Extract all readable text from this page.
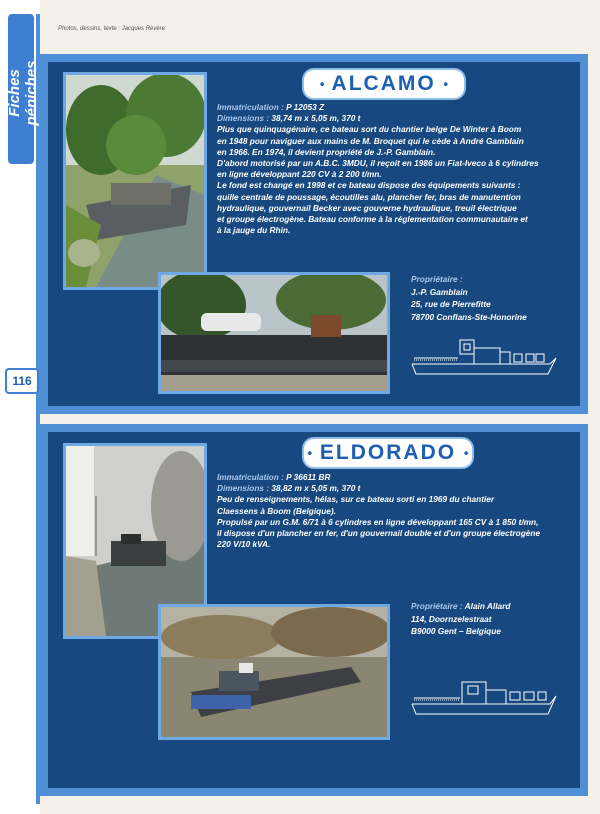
Photos, dessins, texte : Jacques Rèvère
Fiches péniches
116
• ALCAMO •
Immatriculation : P 12053 Z
Dimensions : 38,74 m x 5,05 m, 370 t
Plus que quinquagénaire, ce bateau sort du chantier belge De Winter à Boom
en 1948 pour naviguer aux mains de M. Broquet qui le cède à André Gamblain
en 1966. En 1974, il devient propriété de J.-P. Gamblain.
D'abord motorisé par un A.B.C. 3MDU, il reçoit en 1986 un Fiat-Iveco à 6 cylindres
en ligne développant 220 CV à 2 200 t/mn.
Le fond est changé en 1998 et ce bateau dispose des équipements suivants :
quille centrale de poussage, écoutilles alu, plancher fer, bras de manutention
hydraulique, gouvernail Becker avec gouverne hydraulique, treuil électrique
et groupe électrogène. Bateau conforme à la réglementation communautaire et
à la jauge du Rhin.
Propriétaire :
J.-P. Gamblain
25, rue de Pierrefitte
78700 Conflans-Ste-Honorine
• ELDORADO •
Immatriculation : P 36611 BR
Dimensions : 38,82 m x 5,05 m, 370 t
Peu de renseignements, hélas, sur ce bateau sorti en 1969 du chantier
Claessens à Boom (Belgique).
Propulsé par un G.M. 6/71 à 6 cylindres en ligne développant 165 CV à 1 850 t/mn,
il dispose d'un plancher en fer, d'un gouvernail double et d'un groupe électrogène
220 V/10 kVA.
Propriétaire : Alain Allard
114, Doornzelestraat
B9000 Gent – Belgique
